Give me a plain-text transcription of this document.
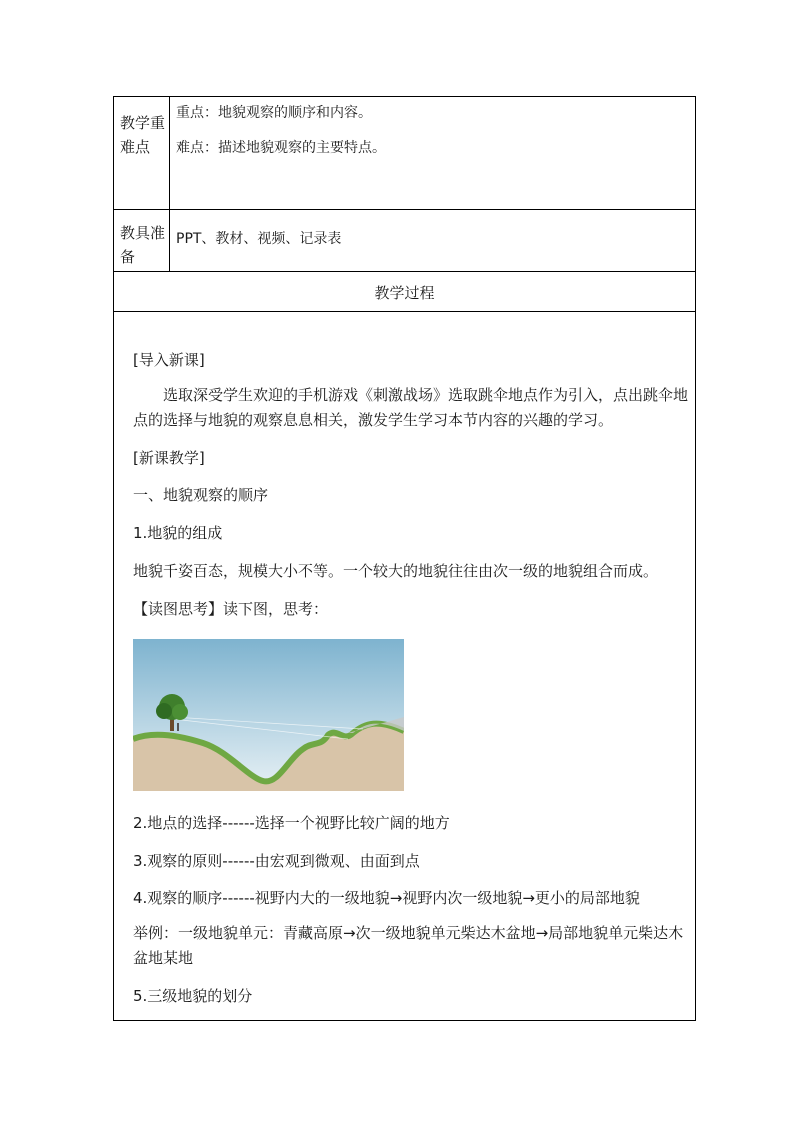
教学重难点
重点：地貌观察的顺序和内容。
难点：描述地貌观察的主要特点。
教具准备
PPT、教材、视频、记录表
教学过程
[导入新课]
　　选取深受学生欢迎的手机游戏《刺激战场》选取跳伞地点作为引入，点出跳伞地点的选择与地貌的观察息息相关，激发学生学习本节内容的兴趣的学习。
[新课教学]
一、地貌观察的顺序
1.地貌的组成
地貌千姿百态，规模大小不等。一个较大的地貌往往由次一级的地貌组合而成。
【读图思考】读下图，思考：
2.地点的选择------选择一个视野比较广阔的地方
3.观察的原则------由宏观到微观、由面到点
4.观察的顺序------视野内大的一级地貌→视野内次一级地貌→更小的局部地貌
举例：一级地貌单元：青藏高原→次一级地貌单元柴达木盆地→局部地貌单元柴达木盆地某地
5.三级地貌的划分
